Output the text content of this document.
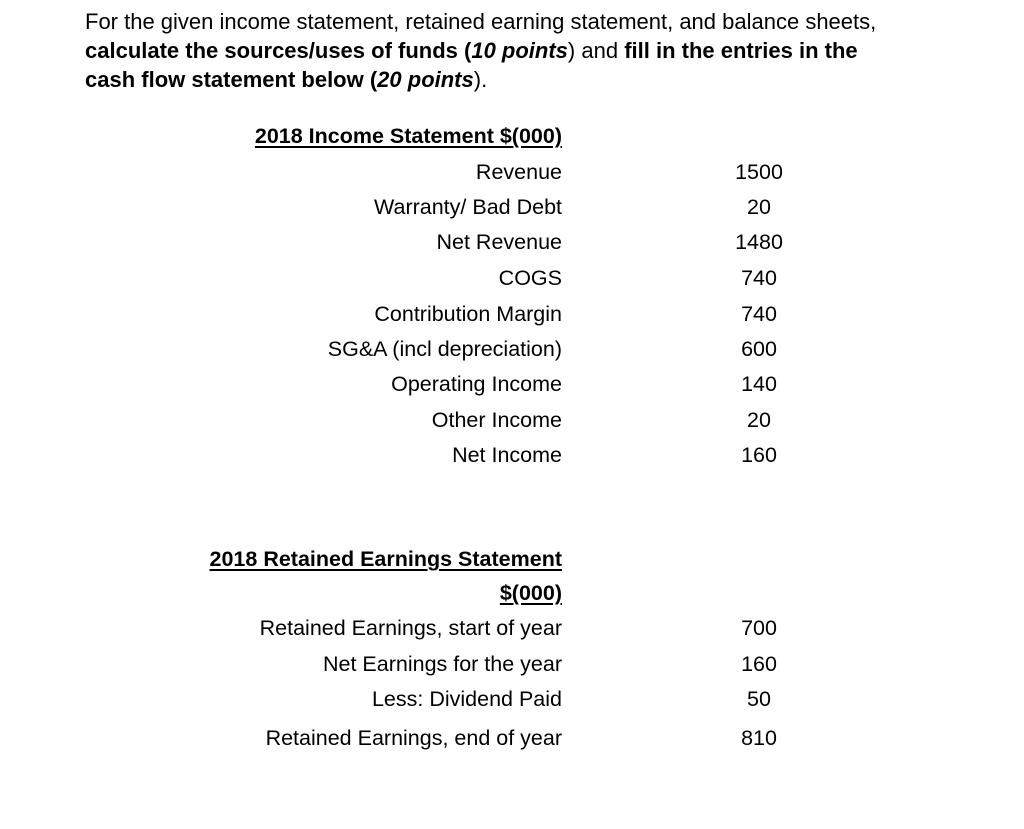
For the given income statement, retained earning statement, and balance sheets,
calculate the sources/uses of funds (10 points) and fill in the entries in the
cash flow statement below (20 points).
2018 Income Statement $(000)
Revenue	1500
Warranty/ Bad Debt	20
Net Revenue	1480
COGS	740
Contribution Margin	740
SG&A (incl depreciation)	600
Operating Income	140
Other Income	20
Net Income	160
2018 Retained Earnings Statement
$(000)
Retained Earnings, start of year	700
Net Earnings for the year	160
Less: Dividend Paid	50
Retained Earnings, end of year	810
